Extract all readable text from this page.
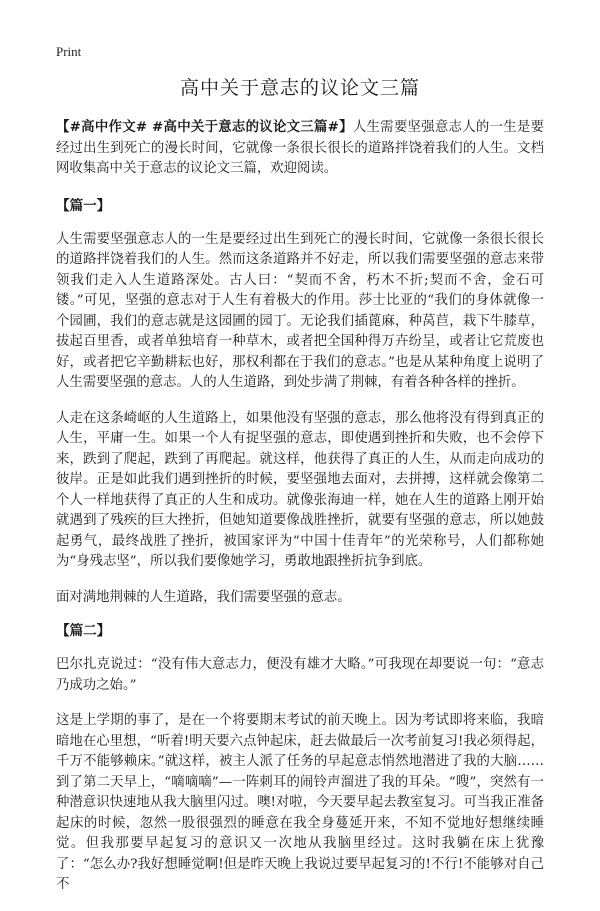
Print
高中关于意志的议论文三篇

【#高中作文# #高中关于意志的议论文三篇#】人生需要坚强意志人的一生是要经过出生到死亡的漫长时间，它就像一条很长很长的道路拌饶着我们的人生。文档网收集高中关于意志的议论文三篇，欢迎阅读。

【篇一】

人生需要坚强意志人的一生是要经过出生到死亡的漫长时间，它就像一条很长很长的道路拌饶着我们的人生。然而这条道路并不好走，所以我们需要坚强的意志来带领我们走入人生道路深处。古人曰：“契而不舍，朽木不折;契而不舍，金石可镂。”可见，坚强的意志对于人生有着极大的作用。莎士比亚的“我们的身体就像一个园圃，我们的意志就是这园圃的园丁。无论我们插蓖麻，种莴苣，栽下牛膝草，拔起百里香，或者单独培育一种草木，或者把全国种得万卉纷呈，或者让它荒废也好，或者把它辛勤耕耘也好，那权利都在于我们的意志。”也是从某种角度上说明了人生需要坚强的意志。人的人生道路，到处步满了荆棘，有着各种各样的挫折。

人走在这条崎岖的人生道路上，如果他没有坚强的意志，那么他将没有得到真正的人生，平庸一生。如果一个人有捉坚强的意志，即使遇到挫折和失败，也不会停下来，跌到了爬起，跌到了再爬起。就这样，他获得了真正的人生，从而走向成功的彼岸。正是如此我们遇到挫折的时候，要坚强地去面对，去拼搏，这样就会像第二个人一样地获得了真正的人生和成功。就像张海迪一样，她在人生的道路上刚开始就遇到了残疾的巨大挫折，但她知道要像战胜挫折，就要有坚强的意志，所以她鼓起勇气，最终战胜了挫折，被国家评为“中国十佳青年”的光荣称号，人们都称她为“身残志坚”，所以我们要像她学习，勇敢地跟挫折抗争到底。

面对满地荆棘的人生道路，我们需要坚强的意志。

【篇二】

巴尔扎克说过：“没有伟大意志力，便没有雄才大略。”可我现在却要说一句：“意志乃成功之始。”

这是上学期的事了，是在一个将要期末考试的前天晚上。因为考试即将来临，我暗暗地在心里想，“听着!明天要六点钟起床，赶去做最后一次考前复习!我必须得起，千万不能够赖床。”就这样，被主人派了任务的早起意志悄然地潜进了我的大脑……到了第二天早上，“嘀嘀嘀”—一阵刺耳的闹铃声溜进了我的耳朵。“嗖”，突然有一种潜意识快速地从我大脑里闪过。噢!对啦，今天要早起去教室复习。可当我正准备起床的时候，忽然一股很强烈的睡意在我全身蔓延开来，不知不觉地好想继续睡觉。但我那要早起复习的意识又一次地从我脑里经过。这时我躺在床上犹豫了：“怎么办?我好想睡觉啊!但是昨天晚上我说过要早起复习的!不行!不能够对自己不
